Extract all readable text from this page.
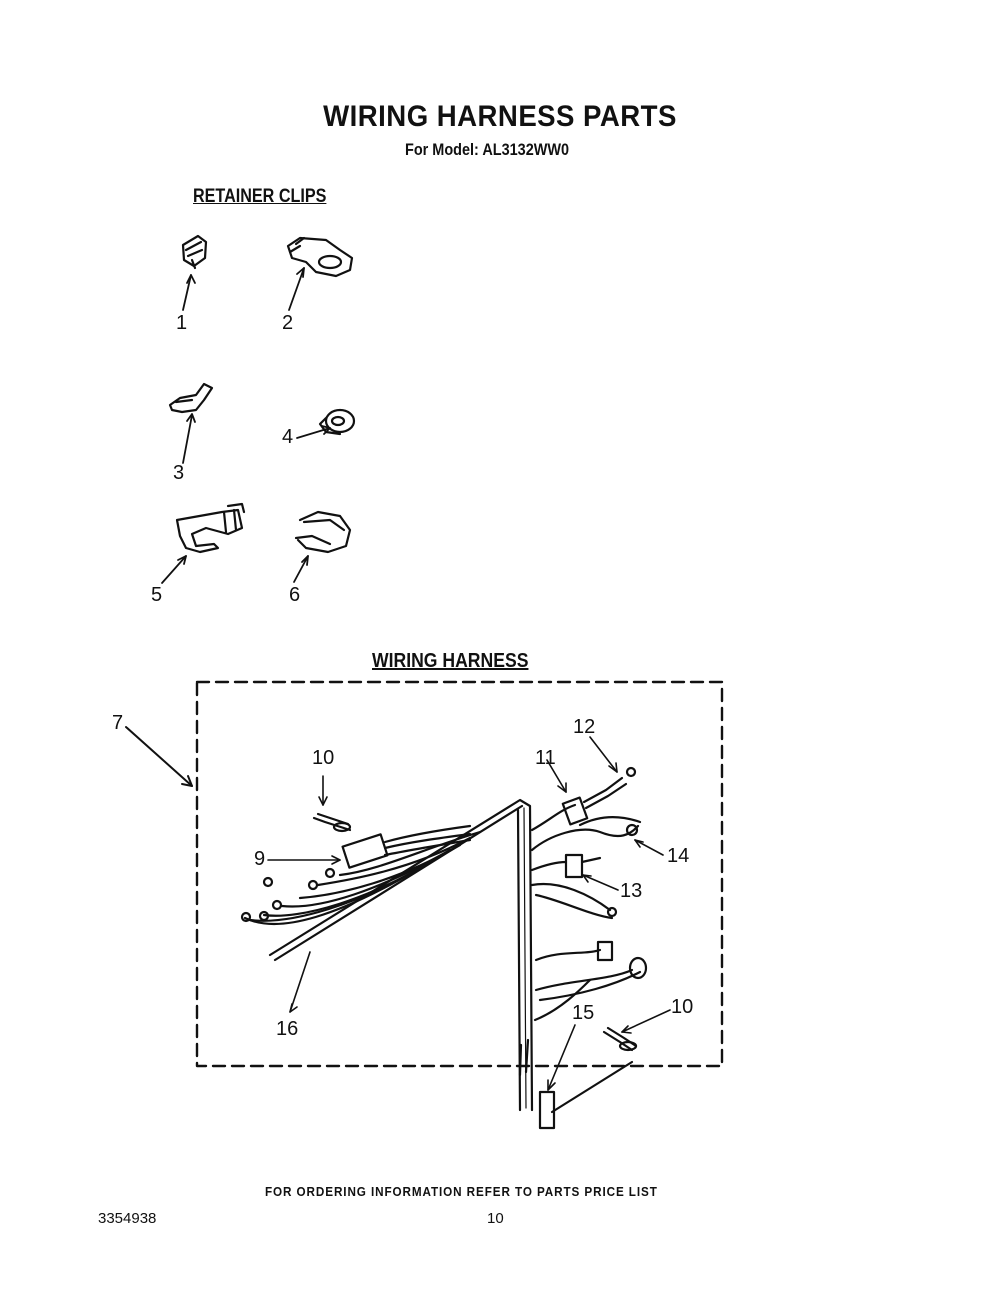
WIRING HARNESS PARTS
For Model: AL3132WW0
RETAINER CLIPS
WIRING HARNESS
1	2
3
4
5	6
7
9
10
10
11
12
13
14
15
16
FOR ORDERING INFORMATION REFER TO PARTS PRICE LIST
3354938	10
